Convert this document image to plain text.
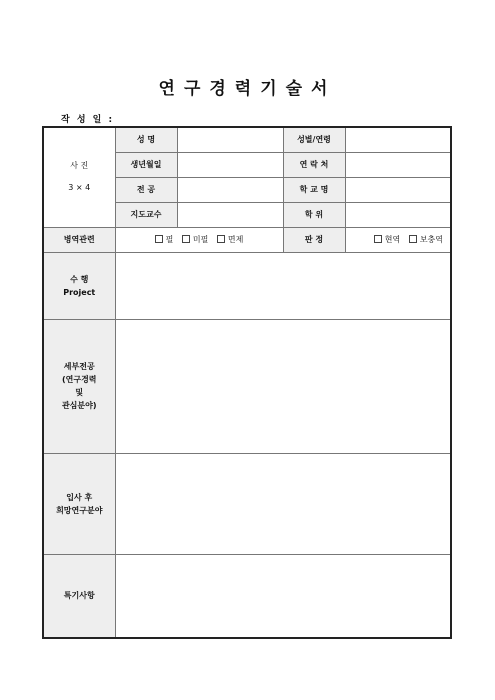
연구경력기술서
작 성 일 :
사 진
3 × 4	성 명		성별/연령	
	생년월일		연 락 처	
	전 공		학 교 명	
	지도교수		학 위	
병역관련	필 미필 면제		판 정	현역 보충역

수 행
Project				

세부전공
(연구경력
및
관심분야)				

입사 후
희망연구분야				

특기사항				
